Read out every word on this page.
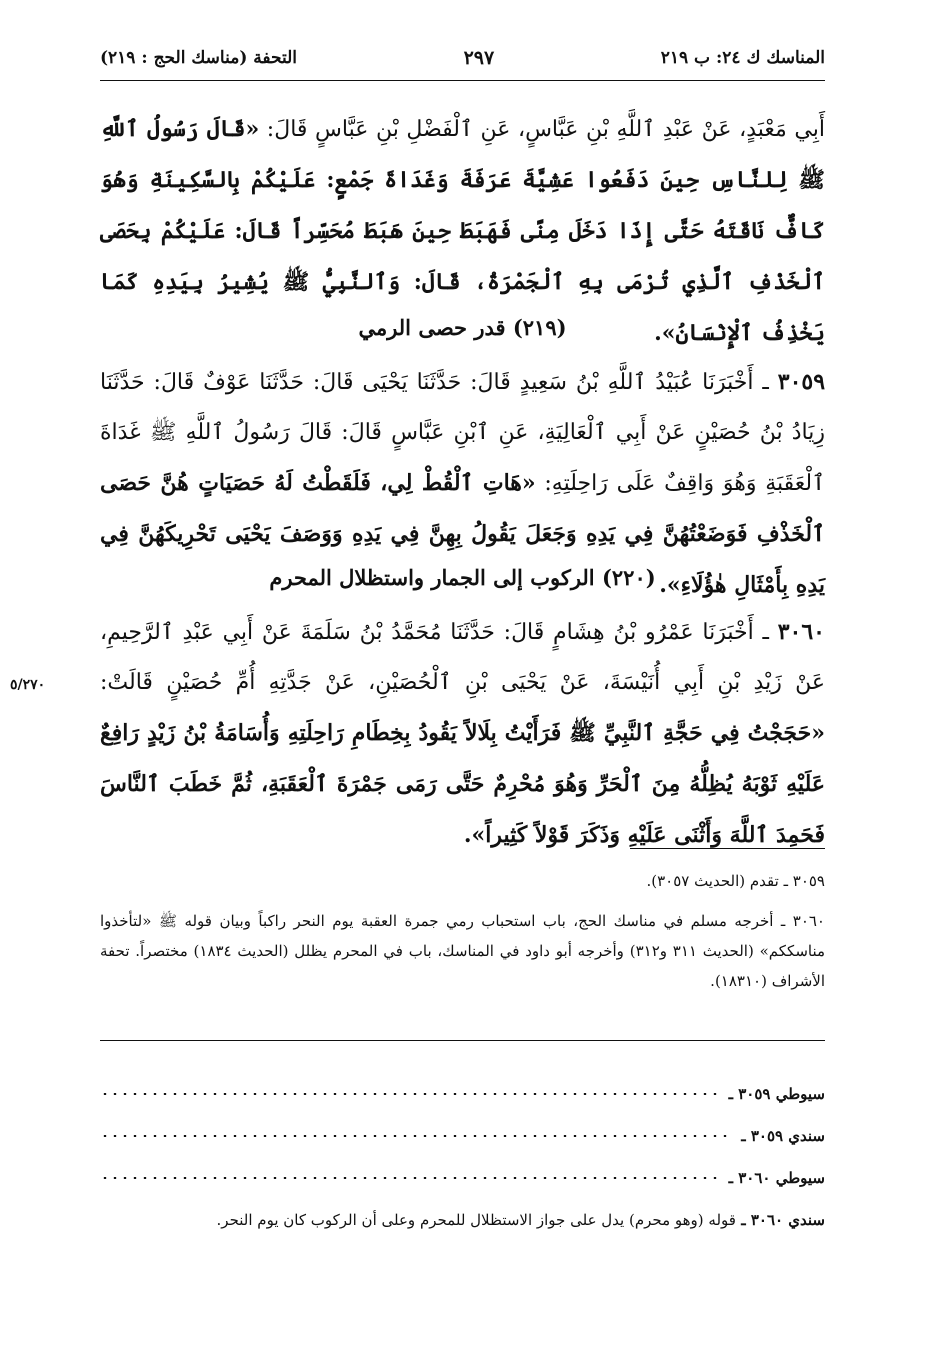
المناسك ك ٢٤: ب ٢١٩
٢٩٧
التحفة (مناسك الحج : ٢١٩)
أَبِي مَعْبَدٍ، عَنْ عَبْدِ ٱللَّهِ بْنِ عَبَّاسٍ، عَنِ ٱلْفَضْلِ بْنِ عَبَّاسٍ قَالَ: «قَالَ رَسُولُ ٱللَّهِ ﷺ لِلنَّاسِ حِينَ دَفَعُوا عَشِيَّةَ عَرَفَةَ وَغَدَاةَ جَمْعٍ: عَلَيْكُمْ بِالسَّكِينَةِ وَهُوَ كَافٌّ نَاقَتَهُ حَتَّى إِذَا دَخَلَ مِنًى فَهَبَطَ حِينَ هَبَطَ مُحَسِّراً قَالَ: عَلَيْكُمْ بِحَصَى ٱلْخَذْفِ ٱلَّذِي تُرْمَى بِهِ ٱلْجَمْرَةُ، قَالَ: وَٱلنَّبِيُّ ﷺ يُشِيرُ بِيَدِهِ كَمَا يَخْذِفُ ٱلْإِنْسَانُ».
(٢١٩) قدر حصى الرمي
٣٠٥٩ ـ أَخْبَرَنَا عُبَيْدُ ٱللَّهِ بْنُ سَعِيدٍ قَالَ: حَدَّثَنَا يَحْيَى قَالَ: حَدَّثَنَا عَوْفٌ قَالَ: حَدَّثَنَا زِيَادُ بْنُ حُصَيْنٍ عَنْ أَبِي ٱلْعَالِيَةِ، عَنِ ٱبْنِ عَبَّاسٍ قَالَ: قَالَ رَسُولُ ٱللَّهِ ﷺ غَدَاةَ ٱلْعَقَبَةِ وَهُوَ وَاقِفٌ عَلَى رَاحِلَتِهِ: «هَاتِ ٱلْقُطْ لِي، فَلَقَطْتُ لَهُ حَصَيَاتٍ هُنَّ حَصَى ٱلْخَذْفِ فَوَضَعْتُهُنَّ فِي يَدِهِ وَجَعَلَ يَقُولُ بِهِنَّ فِي يَدِهِ وَوَصَفَ يَحْيَى تَحْرِيكَهُنَّ فِي يَدِهِ بِأَمْثَالِ هٰؤُلَاءِ».
(٢٢٠) الركوب إلى الجمار واستظلال المحرم
٣٠٦٠ ـ أَخْبَرَنَا عَمْرُو بْنُ هِشَامٍ قَالَ: حَدَّثَنَا مُحَمَّدُ بْنُ سَلَمَةَ عَنْ أَبِي عَبْدِ ٱلرَّحِيمِ، عَنْ زَيْدِ بْنِ أَبِي أُنَيْسَةَ، عَنْ يَحْيَى بْنِ ٱلْحُصَيْنِ، عَنْ جَدَّتِهِ أُمِّ حُصَيْنٍ قَالَتْ: «حَجَجْتُ فِي حَجَّةِ ٱلنَّبِيِّ ﷺ فَرَأَيْتُ بِلَالاً يَقُودُ بِخِطَامِ رَاحِلَتِهِ وَأُسَامَةُ بْنُ زَيْدٍ رَافِعٌ عَلَيْهِ ثَوْبَهُ يُظِلُّهُ مِنَ ٱلْحَرِّ وَهُوَ مُحْرِمٌ حَتَّى رَمَى جَمْرَةَ ٱلْعَقَبَةِ، ثُمَّ خَطَبَ ٱلنَّاسَ فَحَمِدَ ٱللَّهَ وَأَثْنَى عَلَيْهِ وَذَكَرَ قَوْلاً كَثِيراً».
٥/٢٧٠

٣٠٥٩ ـ تقدم (الحديث ٣٠٥٧).

٣٠٦٠ ـ أخرجه مسلم في مناسك الحج، باب استحباب رمي جمرة العقبة يوم النحر راكباً وبيان قوله ﷺ «لتأخذوا مناسككم» (الحديث ٣١١ و٣١٢) وأخرجه أبو داود في المناسك، باب في المحرم يظلل (الحديث ١٨٣٤) مختصراً. تحفة الأشراف (١٨٣١٠).

سيوطي ٣٠٥٩ ـ
سندي ٣٠٥٩ ـ
سيوطي ٣٠٦٠ ـ
سندي ٣٠٦٠ ـ
قوله (وهو محرم) يدل على جواز الاستظلال للمحرم وعلى أن الركوب كان يوم النحر.
